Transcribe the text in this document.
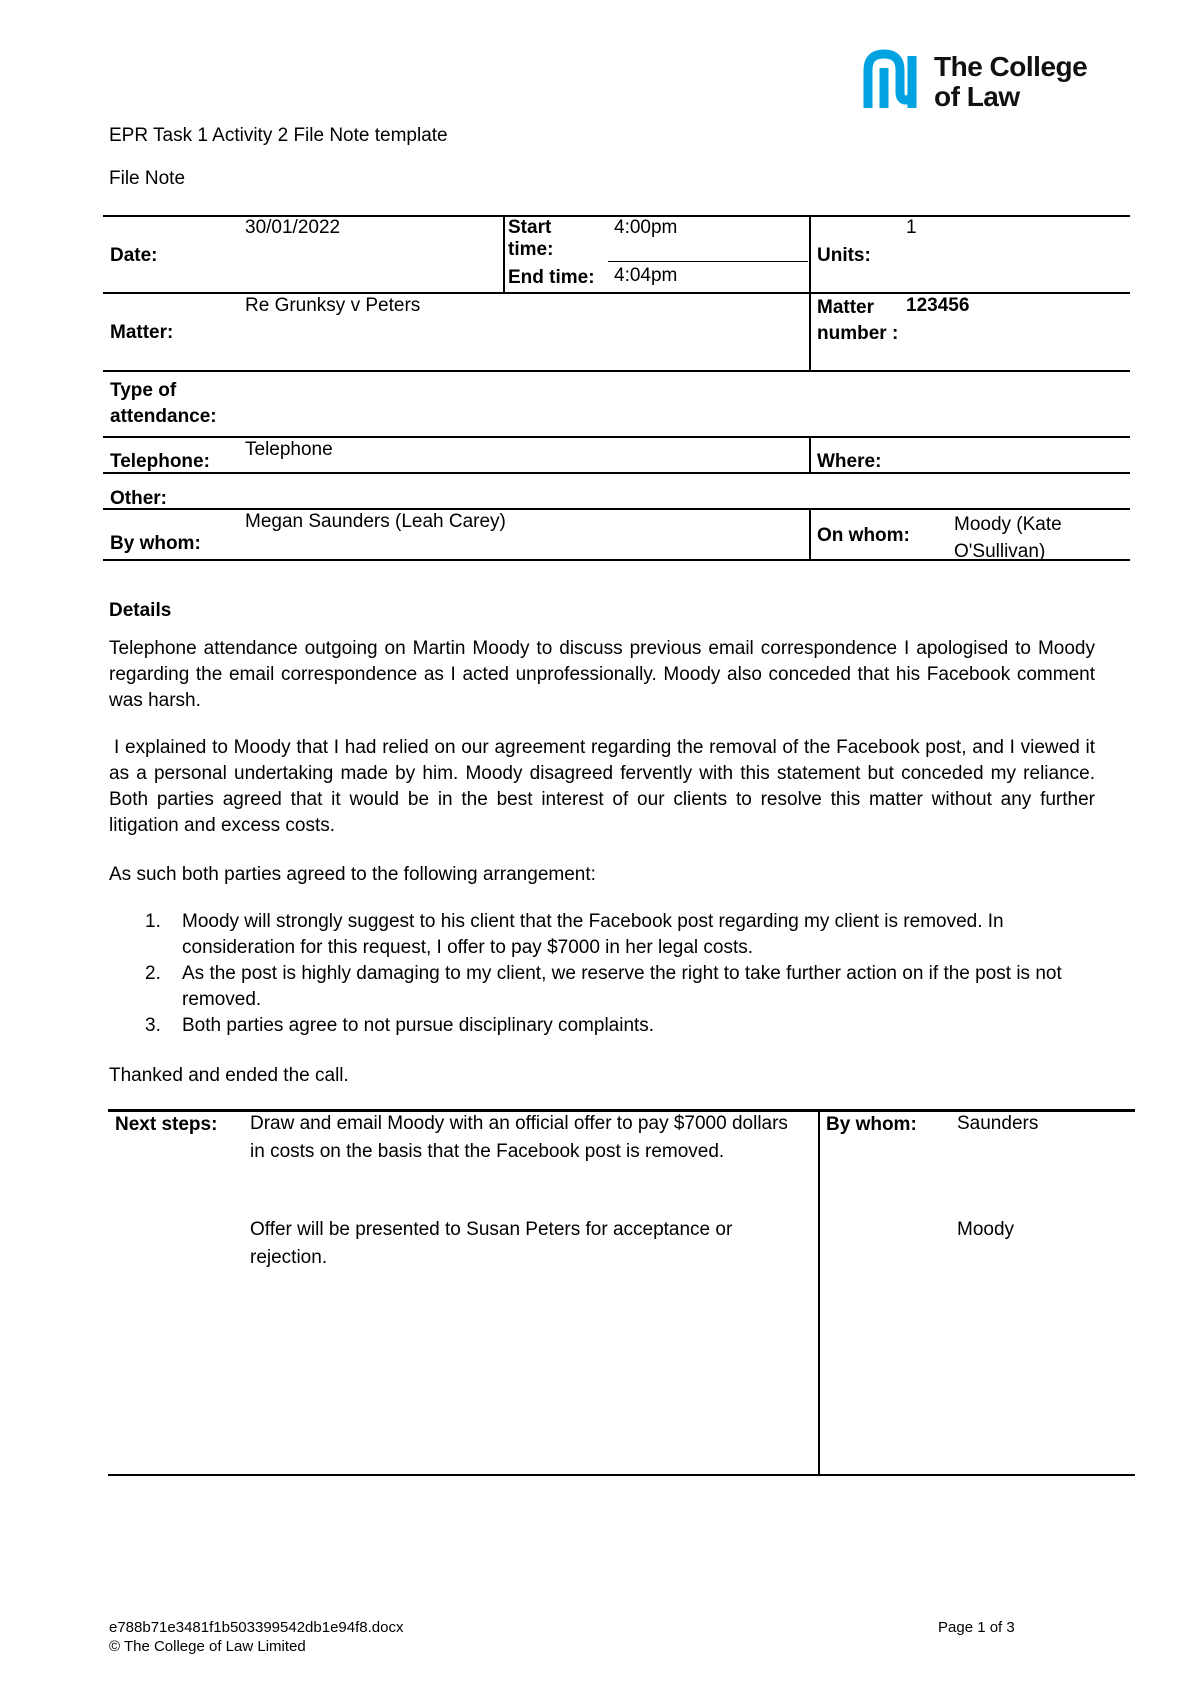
The College
of Law
EPR Task 1 Activity 2 File Note template
File Note
Date:
30/01/2022	Start time:
4:00pm
End time: 4:04pm
Units:
1
Matter:
Re Grunksy v Peters	Matter number :
123456
Type of attendance:
Telephone:
Telephone
Where:
Other:
By whom:
Megan Saunders (Leah Carey)
On whom:
Moody (Kate O'Sullivan)
Details
Telephone attendance outgoing on Martin Moody to discuss previous email correspondence I apologised to Moody regarding the email correspondence as I acted unprofessionally. Moody also conceded that his Facebook comment was harsh.
I explained to Moody that I had relied on our agreement regarding the removal of the Facebook post, and I viewed it as a personal undertaking made by him. Moody disagreed fervently with this statement but conceded my reliance. Both parties agreed that it would be in the best interest of our clients to resolve this matter without any further litigation and excess costs.
As such both parties agreed to the following arrangement:
1. Moody will strongly suggest to his client that the Facebook post regarding my client is removed. In consideration for this request, I offer to pay $7000 in her legal costs.
2. As the post is highly damaging to my client, we reserve the right to take further action on if the post is not removed.
3. Both parties agree to not pursue disciplinary complaints.
Thanked and ended the call.
Next steps: Draw and email Moody with an official offer to pay $7000 dollars in costs on the basis that the Facebook post is removed.
Offer will be presented to Susan Peters for acceptance or rejection.
By whom: Saunders
Moody
e788b71e3481f1b503399542db1e94f8.docx
© The College of Law Limited
Page 1 of 3
